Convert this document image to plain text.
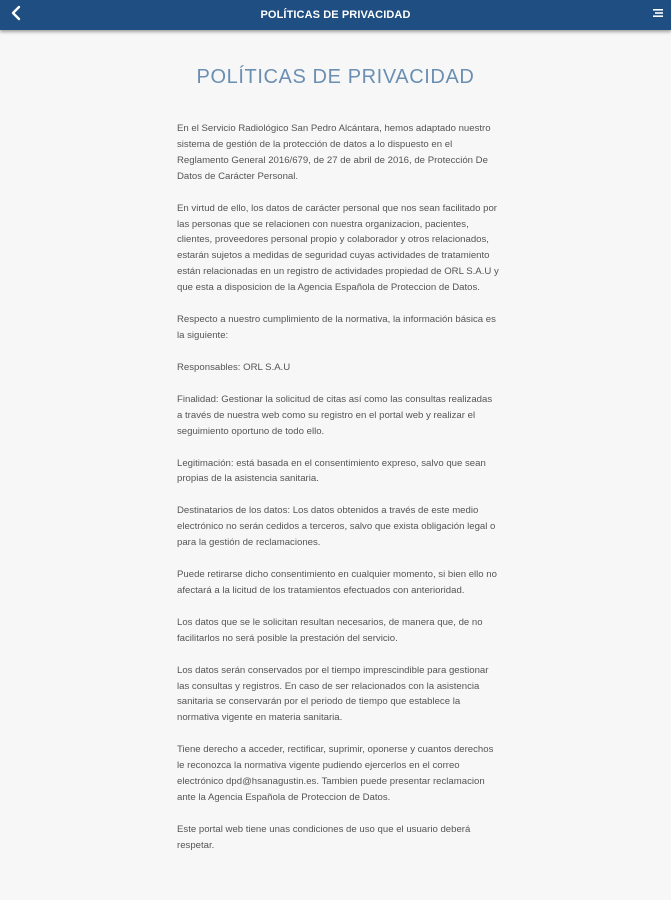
POLÍTICAS DE PRIVACIDAD
POLÍTICAS DE PRIVACIDAD

En el Servicio Radiológico San Pedro Alcántara, hemos adaptado nuestro sistema de gestión de la protección de datos a lo dispuesto en el Reglamento General 2016/679, de 27 de abril de 2016, de Protección De Datos de Carácter Personal.

En virtud de ello, los datos de carácter personal que nos sean facilitado por las personas que se relacionen con nuestra organizacion, pacientes, clientes, proveedores personal propio y colaborador y otros relacionados, estarán sujetos a medidas de seguridad cuyas actividades de tratamiento están relacionadas en un registro de actividades propiedad de ORL S.A.U y que esta a disposicion de la Agencia Española de Proteccion de Datos.

Respecto a nuestro cumplimiento de la normativa, la información básica es la siguiente:

Responsables: ORL S.A.U

Finalidad: Gestionar la solicitud de citas así como las consultas realizadas a través de nuestra web como su registro en el portal web y realizar el seguimiento oportuno de todo ello.

Legitimación: está basada en el consentimiento expreso, salvo que sean propias de la asistencia sanitaria.

Destinatarios de los datos: Los datos obtenidos a través de este medio electrónico no serán cedidos a terceros, salvo que exista obligación legal o para la gestión de reclamaciones.

Puede retirarse dicho consentimiento en cualquier momento, si bien ello no afectará a la licitud de los tratamientos efectuados con anterioridad.

Los datos que se le solicitan resultan necesarios, de manera que, de no facilitarlos no será posible la prestación del servicio.

Los datos serán conservados por el tiempo imprescindible para gestionar las consultas y registros. En caso de ser relacionados con la asistencia sanitaria se conservarán por el periodo de tiempo que establece la normativa vigente en materia sanitaria.

Tiene derecho a acceder, rectificar, suprimir, oponerse y cuantos derechos le reconozca la normativa vigente pudiendo ejercerlos en el correo electrónico dpd@hsanagustin.es. Tambien puede presentar reclamacion ante la Agencia Española de Proteccion de Datos.

Este portal web tiene unas condiciones de uso que el usuario deberá respetar.
